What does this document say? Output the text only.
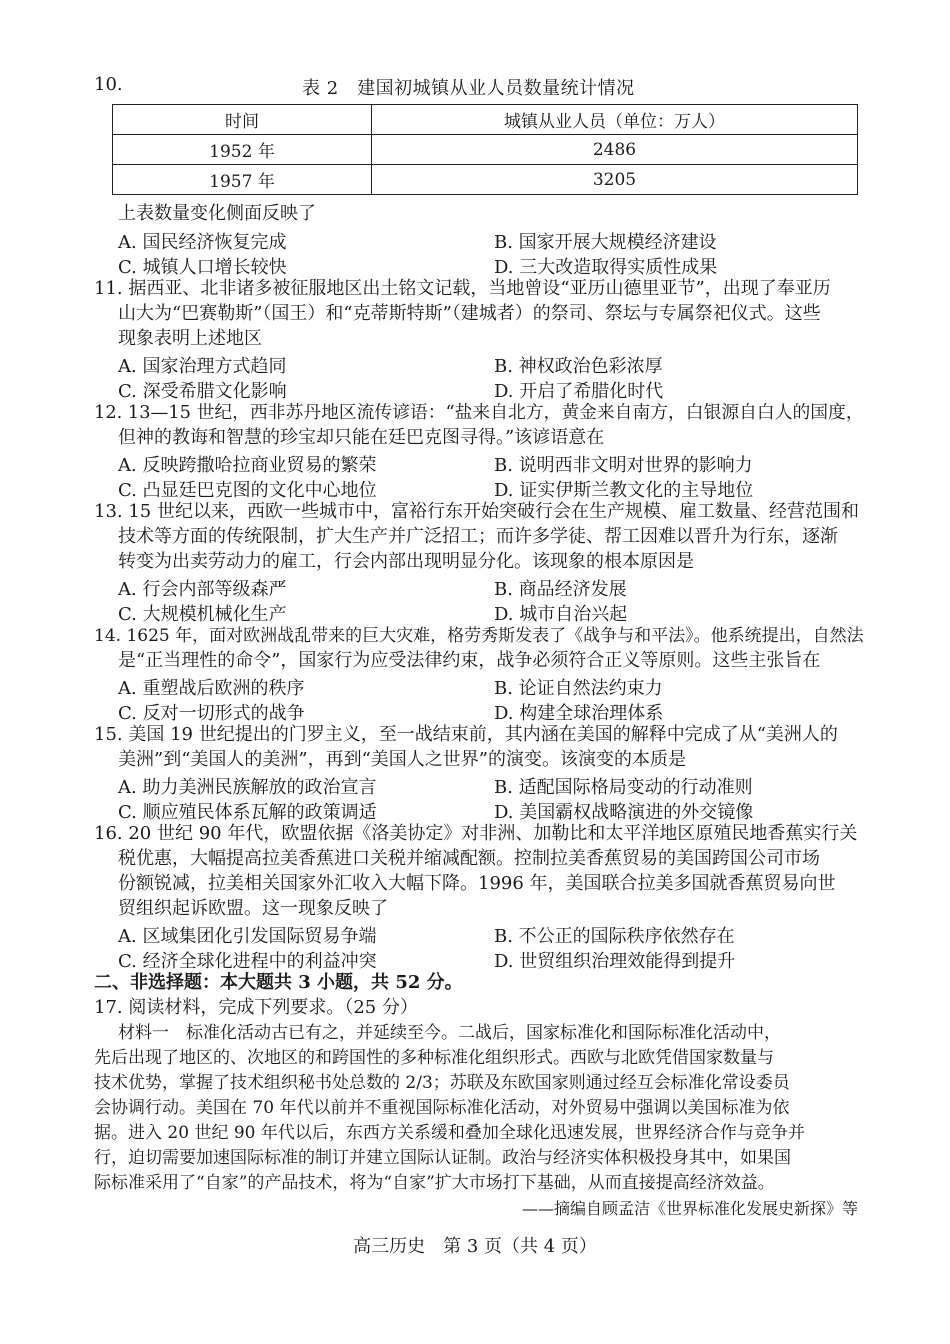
10.	表 2　建国初城镇从业人员数量统计情况
时间	城镇从业人员（单位：万人）
1952 年	2486
1957 年	3205
上表数量变化侧面反映了
A. 国民经济恢复完成	B. 国家开展大规模经济建设
C. 城镇人口增长较快	D. 三大改造取得实质性成果
11. 据西亚、北非诸多被征服地区出土铭文记载，当地曾设“亚历山德里亚节”，出现了奉亚历
山大为“巴赛勒斯”（国王）和“克蒂斯特斯”（建城者）的祭司、祭坛与专属祭祀仪式。这些
现象表明上述地区
A. 国家治理方式趋同	B. 神权政治色彩浓厚
C. 深受希腊文化影响	D. 开启了希腊化时代
12. 13—15 世纪，西非苏丹地区流传谚语：“盐来自北方，黄金来自南方，白银源自白人的国度，
但神的教诲和智慧的珍宝却只能在廷巴克图寻得。”该谚语意在
A. 反映跨撒哈拉商业贸易的繁荣	B. 说明西非文明对世界的影响力
C. 凸显廷巴克图的文化中心地位	D. 证实伊斯兰教文化的主导地位
13. 15 世纪以来，西欧一些城市中，富裕行东开始突破行会在生产规模、雇工数量、经营范围和
技术等方面的传统限制，扩大生产并广泛招工；而许多学徒、帮工因难以晋升为行东，逐渐
转变为出卖劳动力的雇工，行会内部出现明显分化。该现象的根本原因是
A. 行会内部等级森严	B. 商品经济发展
C. 大规模机械化生产	D. 城市自治兴起
14. 1625 年，面对欧洲战乱带来的巨大灾难，格劳秀斯发表了《战争与和平法》。他系统提出，自然法
是“正当理性的命令”，国家行为应受法律约束，战争必须符合正义等原则。这些主张旨在
A. 重塑战后欧洲的秩序	B. 论证自然法约束力
C. 反对一切形式的战争	D. 构建全球治理体系
15. 美国 19 世纪提出的门罗主义，至一战结束前，其内涵在美国的解释中完成了从“美洲人的
美洲”到“美国人的美洲”，再到“美国人之世界”的演变。该演变的本质是
A. 助力美洲民族解放的政治宣言	B. 适配国际格局变动的行动准则
C. 顺应殖民体系瓦解的政策调适	D. 美国霸权战略演进的外交镜像
16. 20 世纪 90 年代，欧盟依据《洛美协定》对非洲、加勒比和太平洋地区原殖民地香蕉实行关
税优惠，大幅提高拉美香蕉进口关税并缩减配额。控制拉美香蕉贸易的美国跨国公司市场
份额锐减，拉美相关国家外汇收入大幅下降。1996 年，美国联合拉美多国就香蕉贸易向世
贸组织起诉欧盟。这一现象反映了
A. 区域集团化引发国际贸易争端	B. 不公正的国际秩序依然存在
C. 经济全球化进程中的利益冲突	D. 世贸组织治理效能得到提升
二、非选择题：本大题共 3 小题，共 52 分。
17. 阅读材料，完成下列要求。（25 分）
材料一　标准化活动古已有之，并延续至今。二战后，国家标准化和国际标准化活动中，
先后出现了地区的、次地区的和跨国性的多种标准化组织形式。西欧与北欧凭借国家数量与
技术优势，掌握了技术组织秘书处总数的 2/3；苏联及东欧国家则通过经互会标准化常设委员
会协调行动。美国在 70 年代以前并不重视国际标准化活动，对外贸易中强调以美国标准为依
据。进入 20 世纪 90 年代以后，东西方关系缓和叠加全球化迅速发展，世界经济合作与竞争并
行，迫切需要加速国际标准的制订并建立国际认证制。政治与经济实体积极投身其中，如果国
际标准采用了“自家”的产品技术，将为“自家”扩大市场打下基础，从而直接提高经济效益。
——摘编自顾孟洁《世界标准化发展史新探》等
高三历史　第 3 页（共 4 页）
